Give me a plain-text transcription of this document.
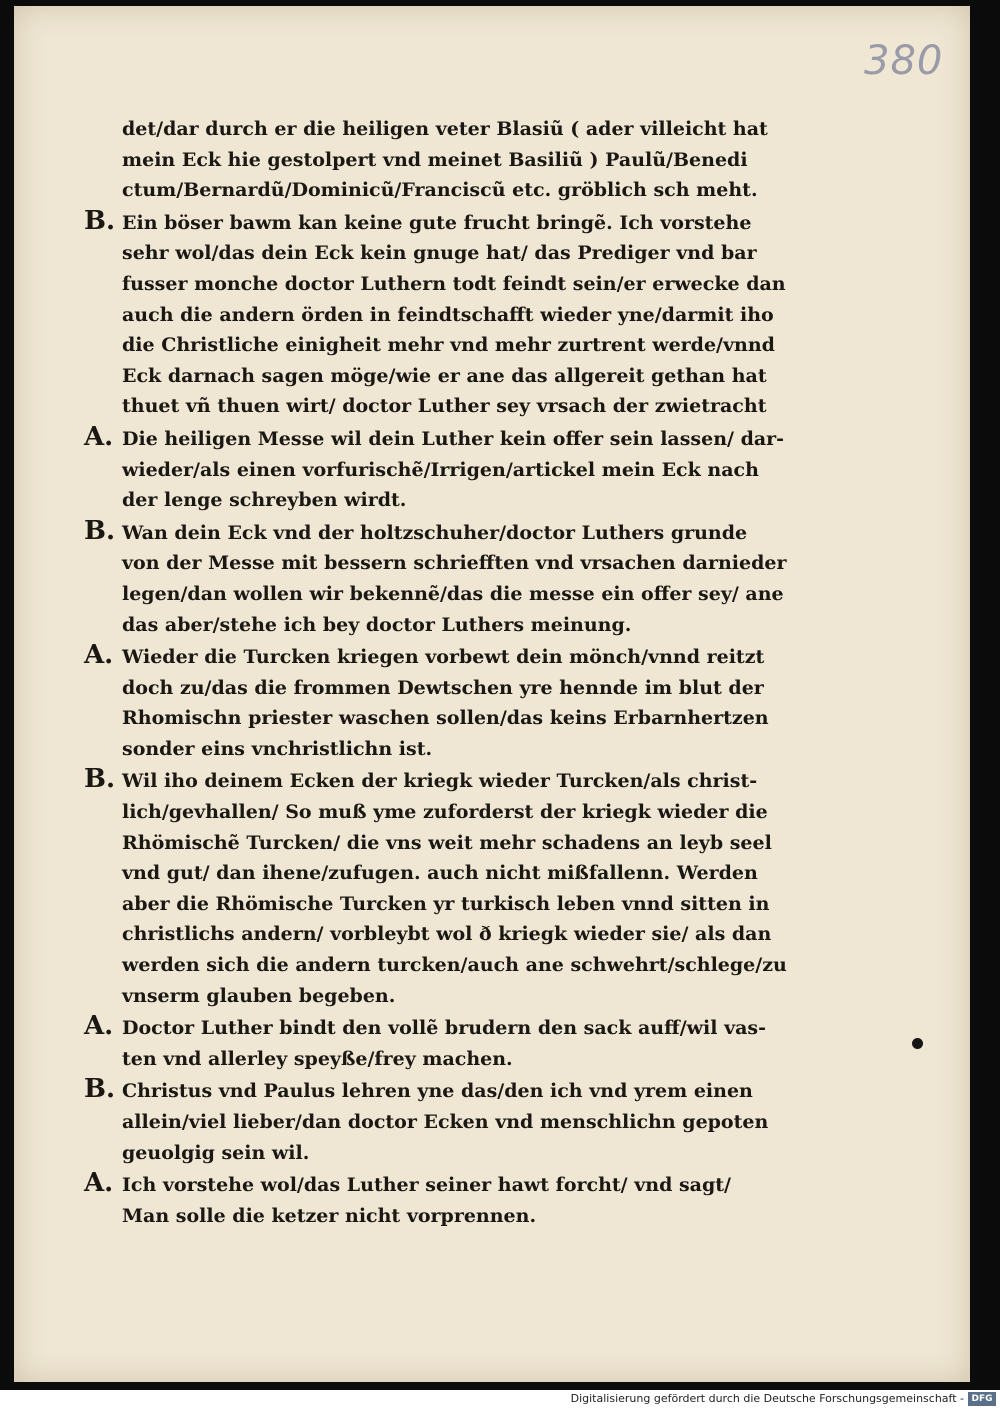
380
det/dar durch er die heiligen veter Blasiũ ( ader villeicht hat
mein Eck hie gestolpert vnd meinet Basiliũ ) Paulũ/Benedi
ctum/Bernardũ/Dominicũ/Franciscũ etc. gröblich sch meht.
B. Ein böser bawm kan keine gute frucht bringẽ. Ich vorstehe
sehr wol/das dein Eck kein gnuge hat/ das Prediger vnd bar
fusser monche doctor Luthern todt feindt sein/er erwecke dan
auch die andern örden in feindtschafft wieder yne/darmit iho
die Christliche einigheit mehr vnd mehr zurtrent werde/vnnd
Eck darnach sagen möge/wie er ane das allgereit gethan hat
thuet vñ thuen wirt/ doctor Luther sey vrsach der zwietracht
A. Die heiligen Messe wil dein Luther kein offer sein lassen/ dar-
wieder/als einen vorfurischẽ/Irrigen/artickel mein Eck nach
der lenge schreyben wirdt.
B. Wan dein Eck vnd der holtzschuher/doctor Luthers grunde
von der Messe mit bessern schriefften vnd vrsachen darnieder
legen/dan wollen wir bekennẽ/das die messe ein offer sey/ ane
das aber/stehe ich bey doctor Luthers meinung.
A. Wieder die Turcken kriegen vorbewt dein mönch/vnnd reitzt
doch zu/das die frommen Dewtschen yre hennde im blut der
Rhomischn priester waschen sollen/das keins Erbarnhertzen
sonder eins vnchristlichn ist.
B. Wil iho deinem Ecken der kriegk wieder Turcken/als christ-
lich/gevhallen/ So muß yme zuforderst der kriegk wieder die
Rhömischẽ Turcken/ die vns weit mehr schadens an leyb seel
vnd gut/ dan ihene/zufugen. auch nicht mißfallenn. Werden
aber die Rhömische Turcken yr turkisch leben vnnd sitten in
christlichs andern/ vorbleybt wol ð kriegk wieder sie/ als dan
werden sich die andern turcken/auch ane schwehrt/schlege/zu
vnserm glauben begeben.
A. Doctor Luther bindt den vollẽ brudern den sack auff/wil vas-
ten vnd allerley speyße/frey machen.
B. Christus vnd Paulus lehren yne das/den ich vnd yrem einen
allein/viel lieber/dan doctor Ecken vnd menschlichn gepoten
geuolgig sein wil.
A. Ich vorstehe wol/das Luther seiner hawt forcht/ vnd sagt/
Man solle die ketzer nicht vorprennen.
Digitalisierung gefördert durch die Deutsche Forschungsgemeinschaft - DFG
